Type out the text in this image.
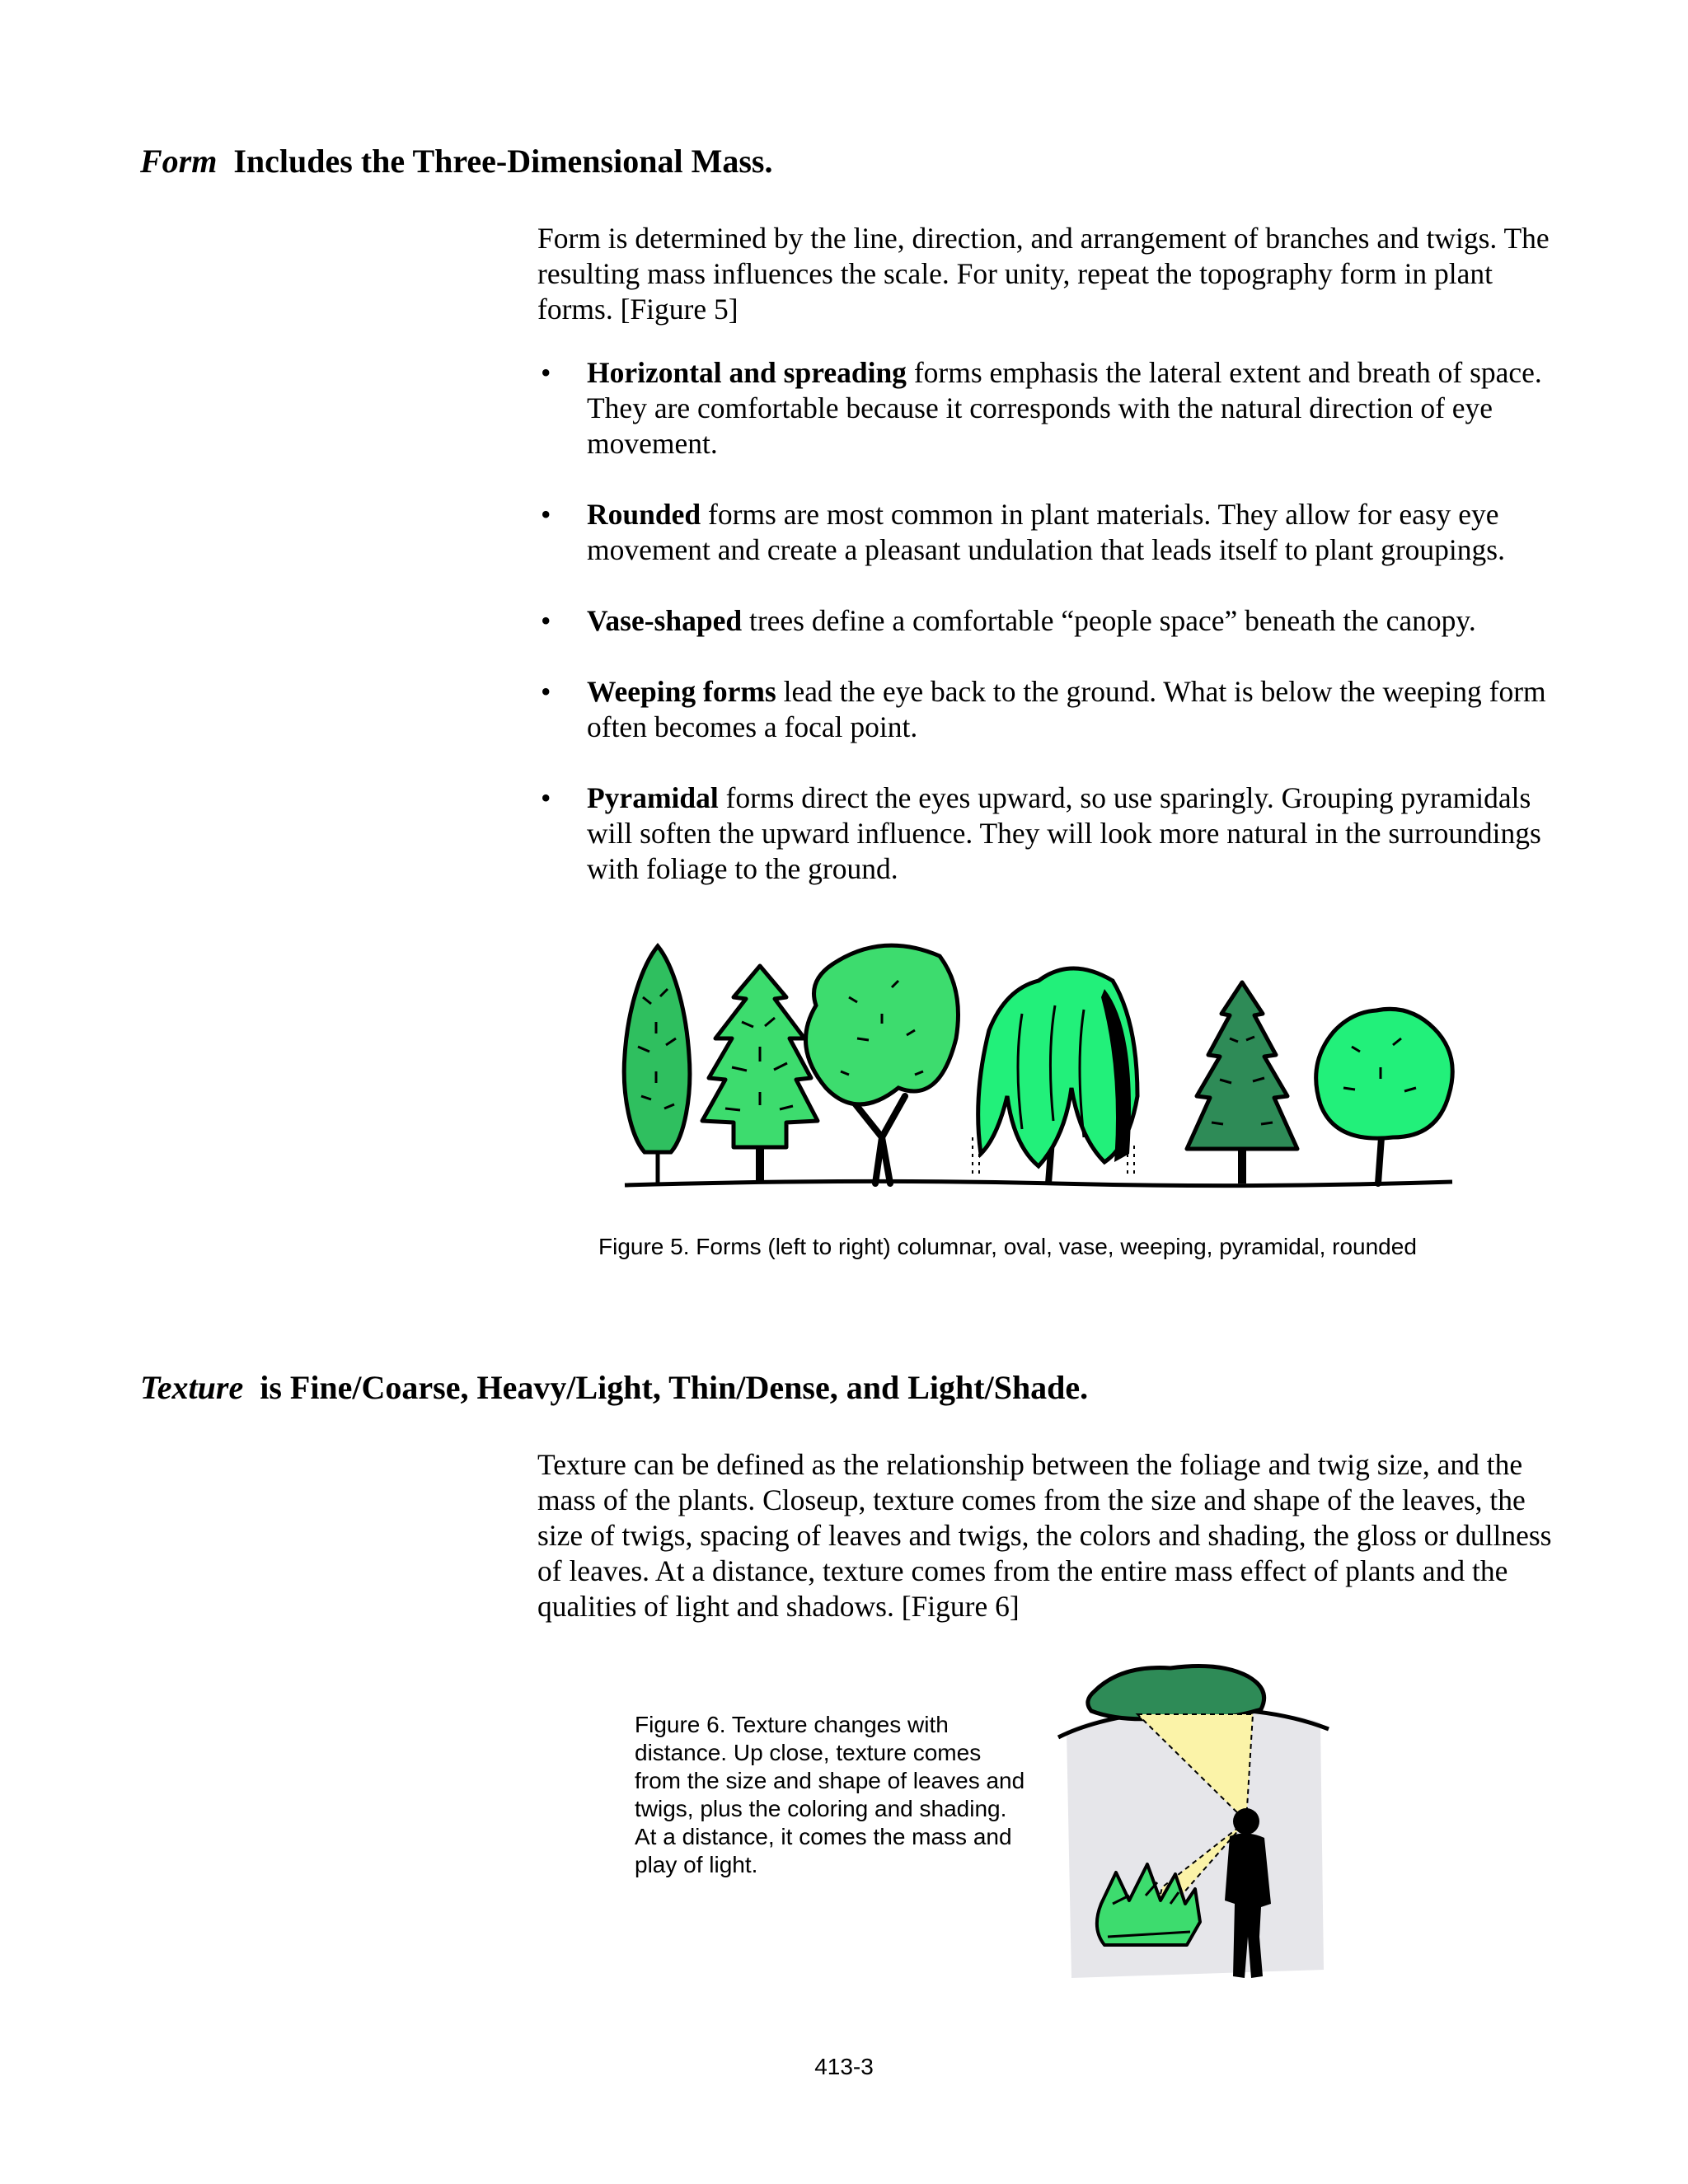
Form Includes the Three-Dimensional Mass.
Form is determined by the line, direction, and arrangement of branches and twigs. The resulting mass influences the scale. For unity, repeat the topography form in plant forms. [Figure 5]
• Horizontal and spreading forms emphasis the lateral extent and breath of space. They are comfortable because it corresponds with the natural direction of eye movement.
• Rounded forms are most common in plant materials. They allow for easy eye movement and create a pleasant undulation that leads itself to plant groupings.
• Vase-shaped trees define a comfortable “people space” beneath the canopy.
• Weeping forms lead the eye back to the ground. What is below the weeping form often becomes a focal point.
• Pyramidal forms direct the eyes upward, so use sparingly. Grouping pyramidals will soften the upward influence. They will look more natural in the surroundings with foliage to the ground.
Figure 5. Forms (left to right) columnar, oval, vase, weeping, pyramidal, rounded
Texture is Fine/Coarse, Heavy/Light, Thin/Dense, and Light/Shade.
Texture can be defined as the relationship between the foliage and twig size, and the mass of the plants. Closeup, texture comes from the size and shape of the leaves, the size of twigs, spacing of leaves and twigs, the colors and shading, the gloss or dullness of leaves. At a distance, texture comes from the entire mass effect of plants and the qualities of light and shadows. [Figure 6]
Figure 6. Texture changes with distance. Up close, texture comes from the size and shape of leaves and twigs, plus the coloring and shading. At a distance, it comes the mass and play of light.
413-3
